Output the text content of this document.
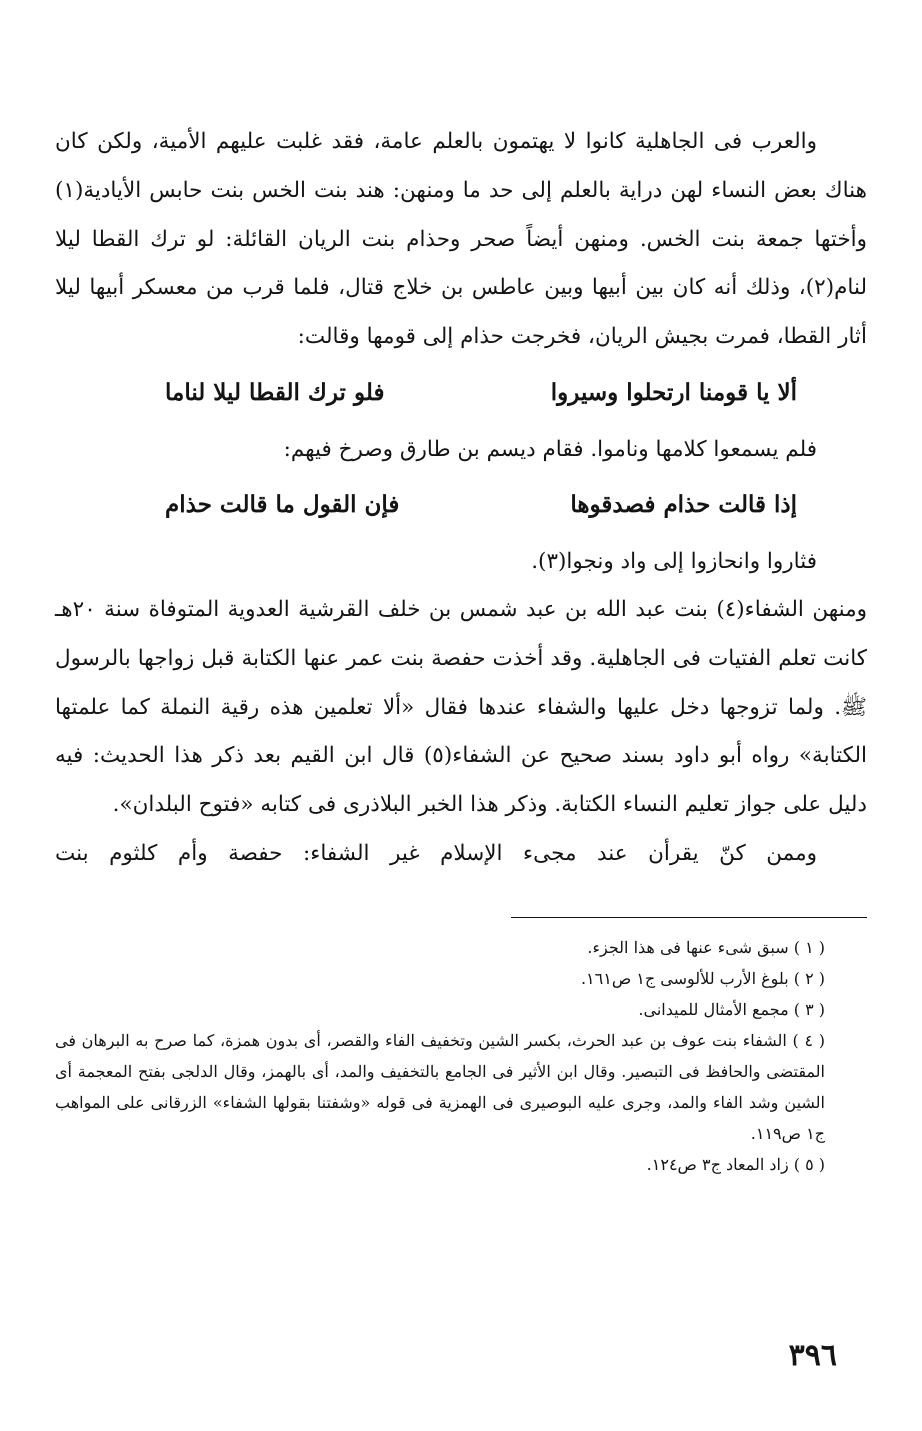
والعرب فى الجاهلية كانوا لا يهتمون بالعلم عامة، فقد غلبت عليهم الأمية، ولكن كان هناك بعض النساء لهن دراية بالعلم إلى حد ما ومنهن: هند بنت الخس بنت حابس الأيادية(١) وأختها جمعة بنت الخس. ومنهن أيضاً صحر وحذام بنت الريان القائلة: لو ترك القطا ليلا لنام(٢)، وذلك أنه كان بين أبيها وبين عاطس بن خلاج قتال، فلما قرب من معسكر أبيها ليلا أثار القطا، فمرت بجيش الريان، فخرجت حذام إلى قومها وقالت:

ألا يا قومنا ارتحلوا وسيروا
فلو ترك القطا ليلا لناما

فلم يسمعوا كلامها وناموا. فقام ديسم بن طارق وصرخ فيهم:

إذا قالت حذام فصدقوها
فإن القول ما قالت حذام

فثاروا وانحازوا إلى واد ونجوا(٣).

ومنهن الشفاء(٤) بنت عبد الله بن عبد شمس بن خلف القرشية العدوية المتوفاة سنة ٢٠هـ كانت تعلم الفتيات فى الجاهلية. وقد أخذت حفصة بنت عمر عنها الكتابة قبل زواجها بالرسول ﷺ. ولما تزوجها دخل عليها والشفاء عندها فقال «ألا تعلمين هذه رقية النملة كما علمتها الكتابة» رواه أبو داود بسند صحيح عن الشفاء(٥) قال ابن القيم بعد ذكر هذا الحديث: فيه دليل على جواز تعليم النساء الكتابة. وذكر هذا الخبر البلاذرى فى كتابه «فتوح البلدان».

وممن كنّ يقرأن عند مجىء الإسلام غير الشفاء: حفصة وأم كلثوم بنت

( ١ ) سبق شىء عنها فى هذا الجزء.

( ٢ ) بلوغ الأرب للألوسى ج١ ص١٦١.

( ٣ ) مجمع الأمثال للميدانى.

( ٤ ) الشفاء بنت عوف بن عبد الحرث، بكسر الشين وتخفيف الفاء والقصر، أى بدون همزة، كما صرح به البرهان فى المقتضى والحافظ فى التبصير. وقال ابن الأثير فى الجامع بالتخفيف والمد، أى بالهمز، وقال الدلجى بفتح المعجمة أى الشين وشد الفاء والمد، وجرى عليه البوصيرى فى الهمزية فى قوله «وشفتنا بقولها الشفاء» الزرقانى على المواهب ج١ ص١١٩.

( ٥ ) زاد المعاد ج٣ ص١٢٤.

٣٩٦
